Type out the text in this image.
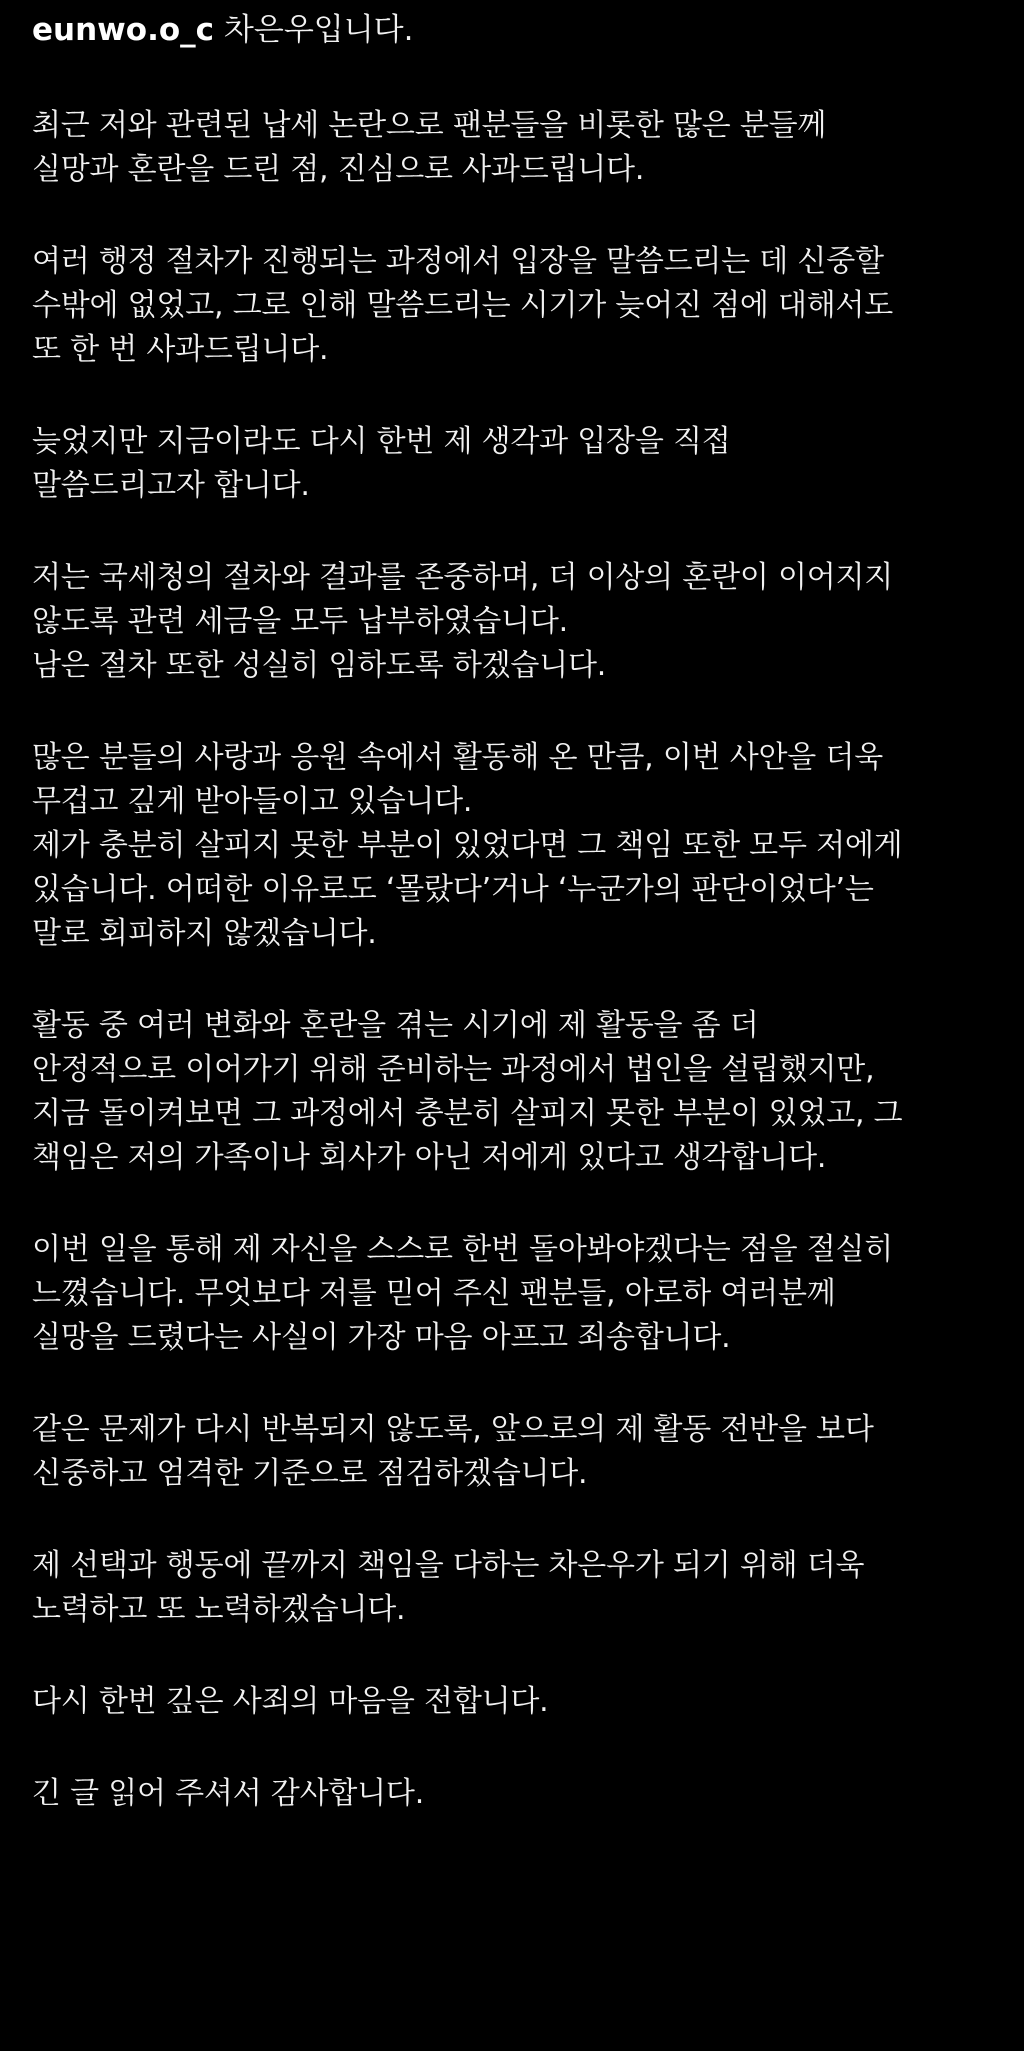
eunwo.o_c 차은우입니다.
최근 저와 관련된 납세 논란으로 팬분들을 비롯한 많은 분들께
실망과 혼란을 드린 점, 진심으로 사과드립니다.
여러 행정 절차가 진행되는 과정에서 입장을 말씀드리는 데 신중할
수밖에 없었고, 그로 인해 말씀드리는 시기가 늦어진 점에 대해서도
또 한 번 사과드립니다.
늦었지만 지금이라도 다시 한번 제 생각과 입장을 직접
말씀드리고자 합니다.
저는 국세청의 절차와 결과를 존중하며, 더 이상의 혼란이 이어지지
않도록 관련 세금을 모두 납부하였습니다.
남은 절차 또한 성실히 임하도록 하겠습니다.
많은 분들의 사랑과 응원 속에서 활동해 온 만큼, 이번 사안을 더욱
무겁고 깊게 받아들이고 있습니다.
제가 충분히 살피지 못한 부분이 있었다면 그 책임 또한 모두 저에게
있습니다. 어떠한 이유로도 ‘몰랐다’거나 ‘누군가의 판단이었다’는
말로 회피하지 않겠습니다.
활동 중 여러 변화와 혼란을 겪는 시기에 제 활동을 좀 더
안정적으로 이어가기 위해 준비하는 과정에서 법인을 설립했지만,
지금 돌이켜보면 그 과정에서 충분히 살피지 못한 부분이 있었고, 그
책임은 저의 가족이나 회사가 아닌 저에게 있다고 생각합니다.
이번 일을 통해 제 자신을 스스로 한번 돌아봐야겠다는 점을 절실히
느꼈습니다. 무엇보다 저를 믿어 주신 팬분들, 아로하 여러분께
실망을 드렸다는 사실이 가장 마음 아프고 죄송합니다.
같은 문제가 다시 반복되지 않도록, 앞으로의 제 활동 전반을 보다
신중하고 엄격한 기준으로 점검하겠습니다.
제 선택과 행동에 끝까지 책임을 다하는 차은우가 되기 위해 더욱
노력하고 또 노력하겠습니다.
다시 한번 깊은 사죄의 마음을 전합니다.
긴 글 읽어 주셔서 감사합니다.
